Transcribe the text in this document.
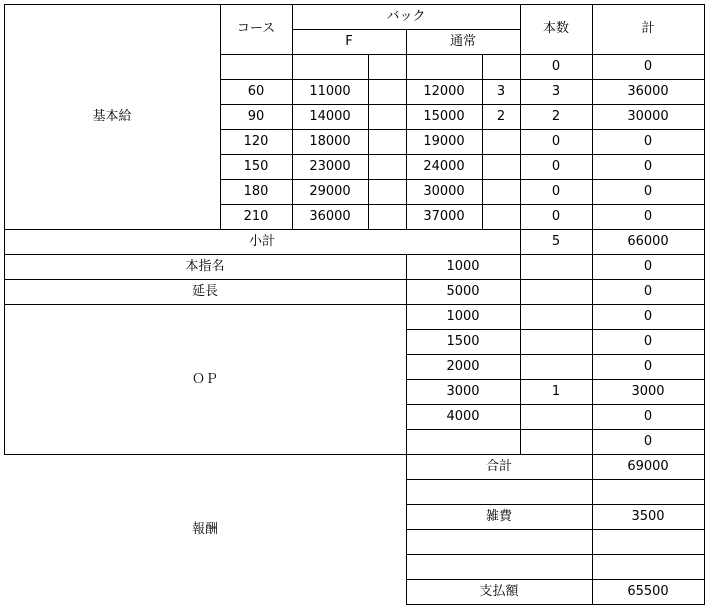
基本給
コース
バック
F	通常
本数	計
0	0
60	11000	12000	3	3	36000
90	14000	15000	2	2	30000
120	18000	19000	0	0
150	23000	24000	0	0
180	29000	30000	0	0
210	36000	37000	0	0
小計	5	66000
本指名	1000	0
延長	5000	0
ＯＰ
1000	0
1500	0
2000	0
3000	1	3000
4000	0
0
報酬
合計	69000
雑費	3500
支払額	65500
